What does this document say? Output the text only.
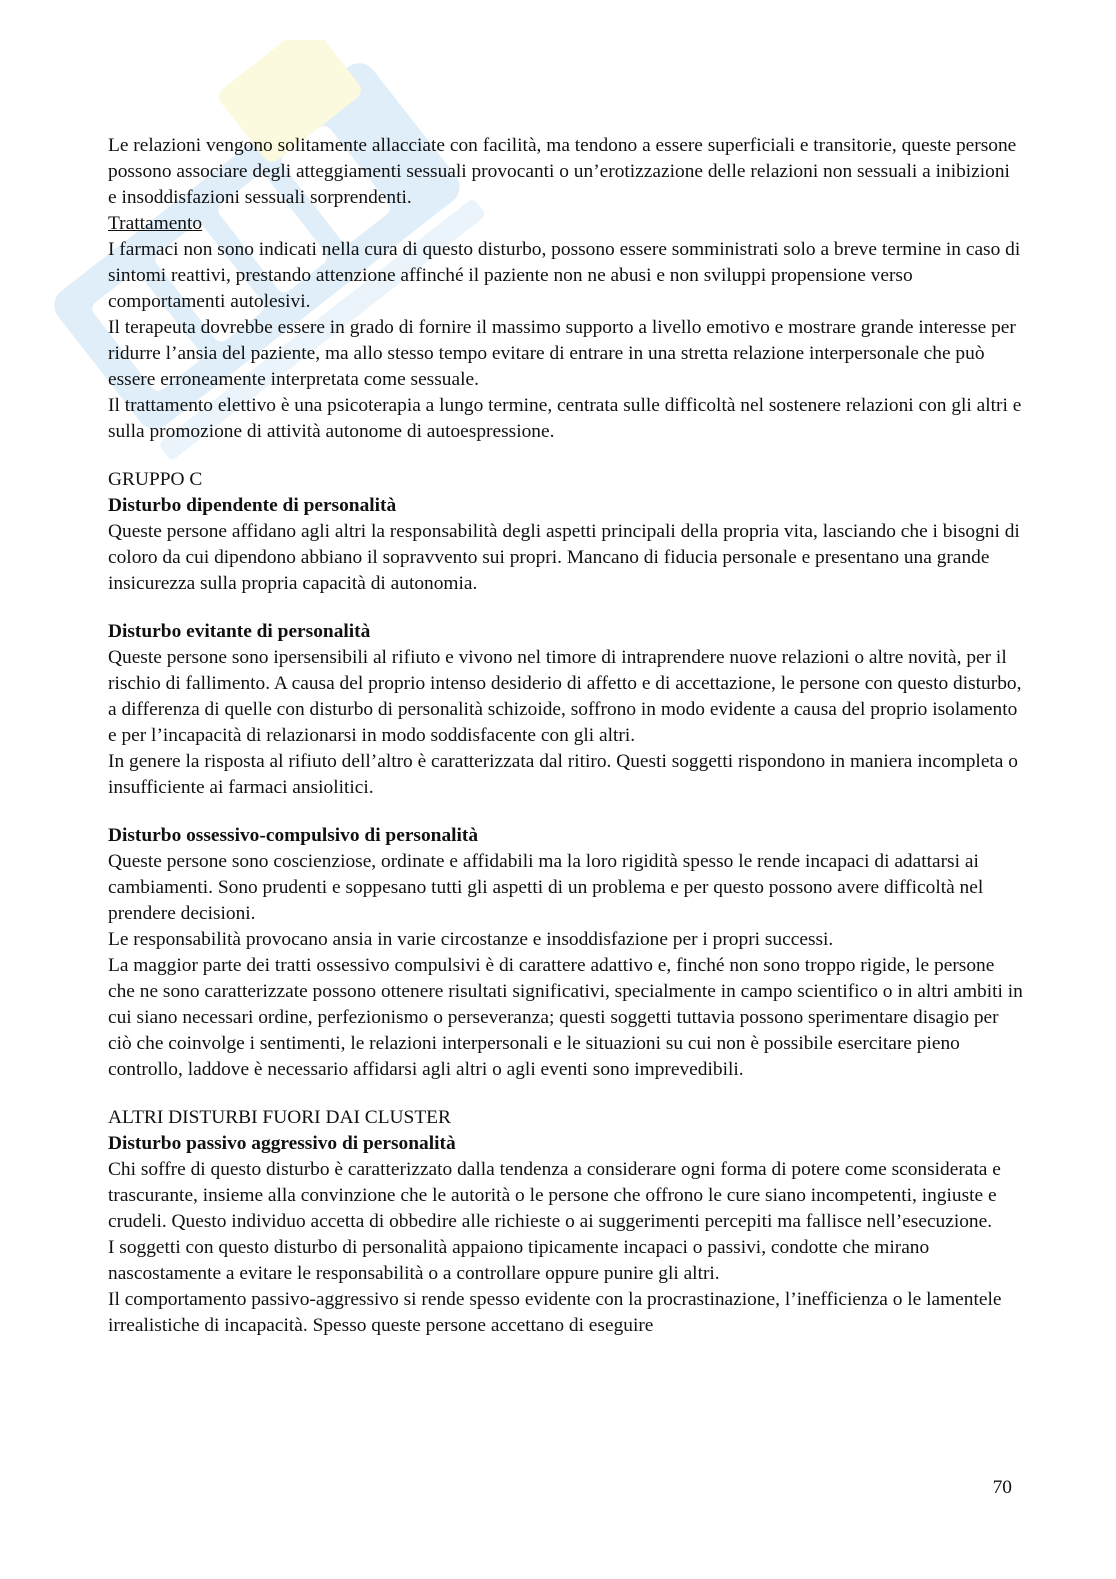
Le relazioni vengono solitamente allacciate con facilità, ma tendono a essere superficiali e transitorie, queste persone possono associare degli atteggiamenti sessuali provocanti o un’erotizzazione delle relazioni non sessuali a inibizioni e insoddisfazioni sessuali sorprendenti.

Trattamento

I farmaci non sono indicati nella cura di questo disturbo, possono essere somministrati solo a breve termine in caso di sintomi reattivi, prestando attenzione affinché il paziente non ne abusi e non sviluppi propensione verso comportamenti autolesivi.

Il terapeuta dovrebbe essere in grado di fornire il massimo supporto a livello emotivo e mostrare grande interesse per ridurre l’ansia del paziente, ma allo stesso tempo evitare di entrare in una stretta relazione interpersonale che può essere erroneamente interpretata come sessuale.

Il trattamento elettivo è una psicoterapia a lungo termine, centrata sulle difficoltà nel sostenere relazioni con gli altri e sulla promozione di attività autonome di autoespressione.

GRUPPO C

Disturbo dipendente di personalità

Queste persone affidano agli altri la responsabilità degli aspetti principali della propria vita, lasciando che i bisogni di coloro da cui dipendono abbiano il sopravvento sui propri. Mancano di fiducia personale e presentano una grande insicurezza sulla propria capacità di autonomia.

Disturbo evitante di personalità

Queste persone sono ipersensibili al rifiuto e vivono nel timore di intraprendere nuove relazioni o altre novità, per il rischio di fallimento. A causa del proprio intenso desiderio di affetto e di accettazione, le persone con questo disturbo, a differenza di quelle con disturbo di personalità schizoide, soffrono in modo evidente a causa del proprio isolamento e per l’incapacità di relazionarsi in modo soddisfacente con gli altri.

In genere la risposta al rifiuto dell’altro è caratterizzata dal ritiro. Questi soggetti rispondono in maniera incompleta o insufficiente ai farmaci ansiolitici.

Disturbo ossessivo-compulsivo di personalità

Queste persone sono coscienziose, ordinate e affidabili ma la loro rigidità spesso le rende incapaci di adattarsi ai cambiamenti. Sono prudenti e soppesano tutti gli aspetti di un problema e per questo possono avere difficoltà nel prendere decisioni.

Le responsabilità provocano ansia in varie circostanze e insoddisfazione per i propri successi.

La maggior parte dei tratti ossessivo compulsivi è di carattere adattivo e, finché non sono troppo rigide, le persone che ne sono caratterizzate possono ottenere risultati significativi, specialmente in campo scientifico o in altri ambiti in cui siano necessari ordine, perfezionismo o perseveranza; questi soggetti tuttavia possono sperimentare disagio per ciò che coinvolge i sentimenti, le relazioni interpersonali e le situazioni su cui non è possibile esercitare pieno controllo, laddove è necessario affidarsi agli altri o agli eventi sono imprevedibili.

ALTRI DISTURBI FUORI DAI CLUSTER

Disturbo passivo aggressivo di personalità

Chi soffre di questo disturbo è caratterizzato dalla tendenza a considerare ogni forma di potere come sconsiderata e trascurante, insieme alla convinzione che le autorità o le persone che offrono le cure siano incompetenti, ingiuste e crudeli. Questo individuo accetta di obbedire alle richieste o ai suggerimenti percepiti ma fallisce nell’esecuzione.

I soggetti con questo disturbo di personalità appaiono tipicamente incapaci o passivi, condotte che mirano nascostamente a evitare le responsabilità o a controllare oppure punire gli altri.

Il comportamento passivo-aggressivo si rende spesso evidente con la procrastinazione, l’inefficienza o le lamentele irrealistiche di incapacità. Spesso queste persone accettano di eseguire

70
